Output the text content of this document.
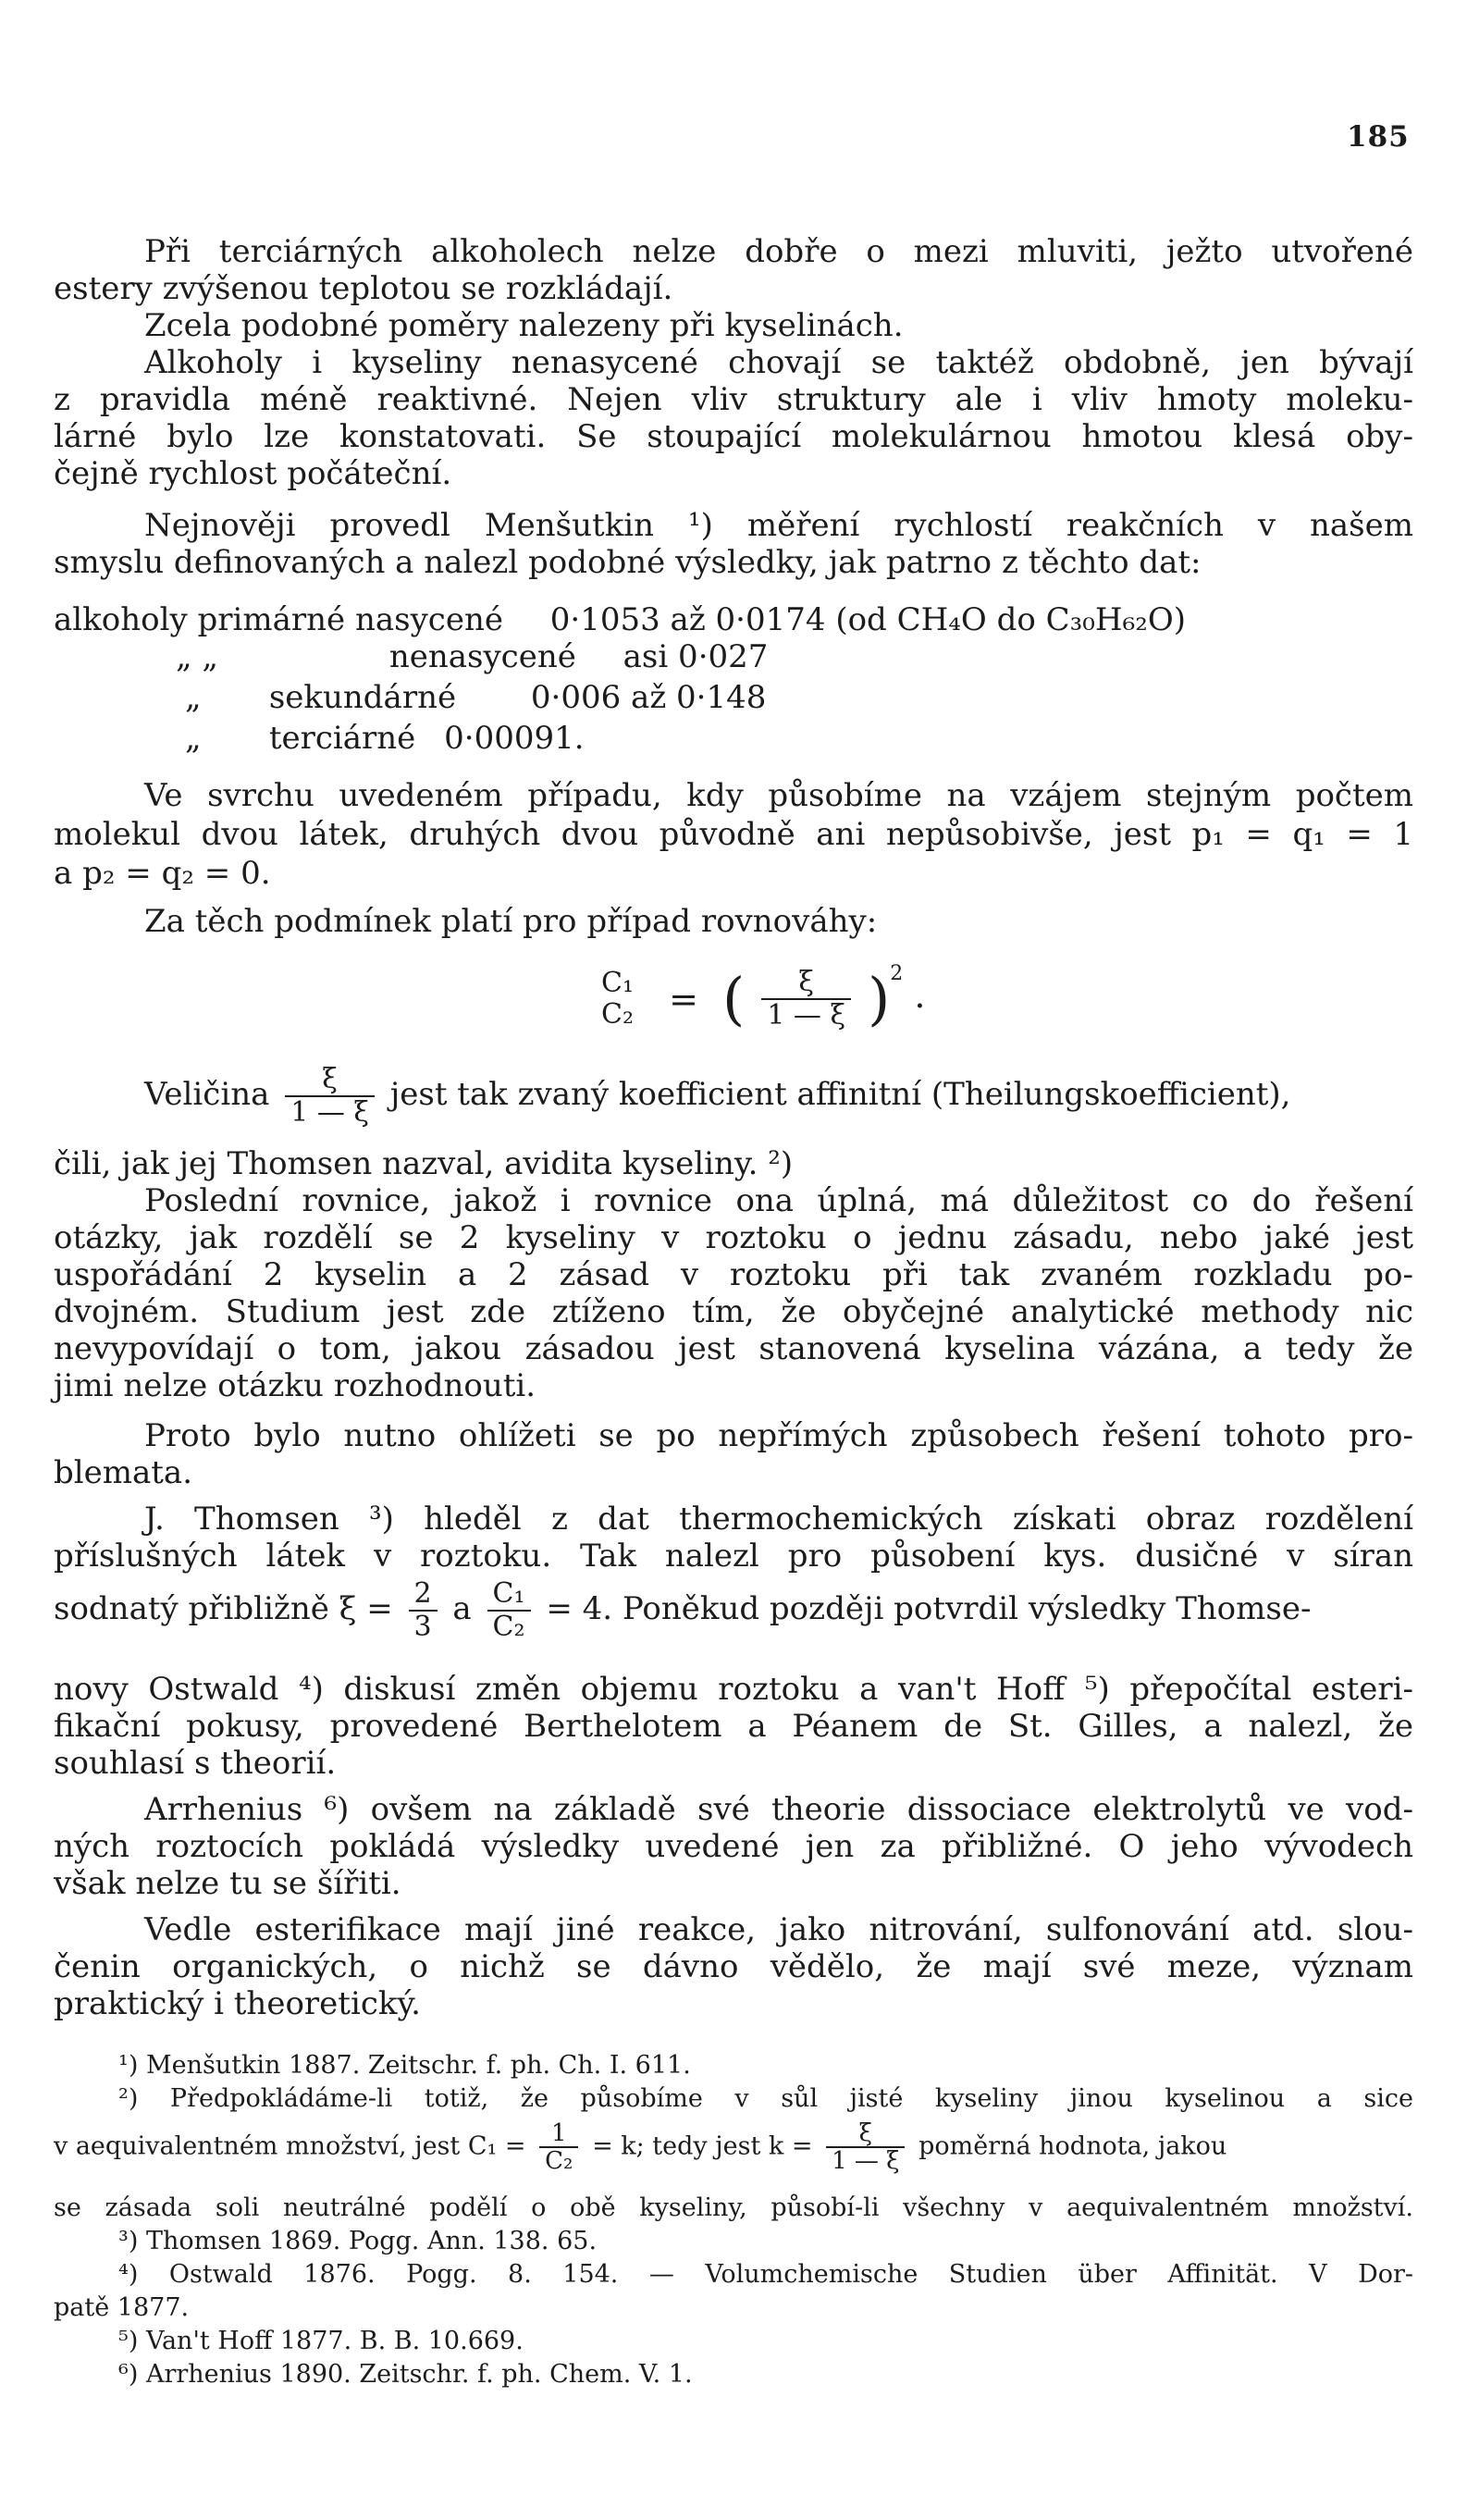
185
Při terciárných alkoholech nelze dobře o mezi mluviti, ježto utvořené
estery zvýšenou teplotou se rozkládají.
Zcela podobné poměry nalezeny při kyselinách.
Alkoholy i kyseliny nenasycené chovají se taktéž obdobně, jen bývají
z pravidla méně reaktivné. Nejen vliv struktury ale i vliv hmoty moleku-
lárné bylo lze konstatovati. Se stoupající molekulárnou hmotou klesá oby-
čejně rychlost počáteční.
Nejnověji provedl Menšutkin ¹) měření rychlostí reakčních v našem
smyslu definovaných a nalezl podobné výsledky, jak patrno z těchto dat:
alkoholy primárné nasycené 0·1053 až 0·0174 (od CH₄O do C₃₀H₆₂O)
„ „	nenasycené asi 0·027
„ sekundárné 0·006 až 0·148
„ terciárné 0·00091.
Ve svrchu uvedeném případu, kdy působíme na vzájem stejným počtem
molekul dvou látek, druhých dvou původně ani nepůsobivše, jest p₁ = q₁ = 1
a p₂ = q₂ = 0.
Za těch podmínek platí pro případ rovnováhy:
C₁
C₂ = ( $\frac{\xi}{1 — \xi} )^2$ .
Veličina $\frac{\xi}{1 — \xi}$ jest tak zvaný koefficient affinitní (Theilungskoefficient),
čili, jak jej Thomsen nazval, avidita kyseliny. ²)
Poslední rovnice, jakož i rovnice ona úplná, má důležitost co do řešení
otázky, jak rozdělí se 2 kyseliny v roztoku o jednu zásadu, nebo jaké jest
uspořádání 2 kyselin a 2 zásad v roztoku při tak zvaném rozkladu po-
dvojném. Studium jest zde ztíženo tím, že obyčejné analytické methody nic
nevypovídají o tom, jakou zásadou jest stanovená kyselina vázána, a tedy že
jimi nelze otázku rozhodnouti.
Proto bylo nutno ohlížeti se po nepřímých způsobech řešení tohoto pro-
blemata.
J. Thomsen ³) hleděl z dat thermochemických získati obraz rozdělení
příslušných látek v roztoku. Tak nalezl pro působení kys. dusičné v síran
sodnatý přibližně $\xi = \frac{2}{3}$ a $\frac{\text{C₁}}{\text{C₂}} = 4$. Poněkud později potvrdil výsledky Thomse-
novy Ostwald ⁴) diskusí změn objemu roztoku a van't Hoff ⁵) přepočítal esteri-
fikační pokusy, provedené Berthelotem a Péanem de St. Gilles, a nalezl, že
souhlasí s theorií.
Arrhenius ⁶) ovšem na základě své theorie dissociace elektrolytů ve vod-
ných roztocích pokládá výsledky uvedené jen za přibližné. O jeho vývodech
však nelze tu se šířiti.
Vedle esterifikace mají jiné reakce, jako nitrování, sulfonování atd. slou-
čenin organických, o nichž se dávno vědělo, že mají své meze, význam
praktický i theoretický.
¹) Menšutkin 1887. Zeitschr. f. ph. Ch. I. 611.
²) Předpokládáme-li totiž, že působíme v sůl jisté kyseliny jinou kyselinou a sice
v aequivalentném množství, jest $C_1 = \frac{1}{\text{C₂}} = k$; tedy jest $k = \frac{\xi}{1 — \xi}$ poměrná hodnota, jakou
se zásada soli neutrálné podělí o obě kyseliny, působí-li všechny v aequivalentném množství.
³) Thomsen 1869. Pogg. Ann. 138. 65.
⁴) Ostwald 1876. Pogg. 8. 154. — Volumchemische Studien über Affinität. V Dor-
patě 1877.
⁵) Van't Hoff 1877. B. B. 10.669.
⁶) Arrhenius 1890. Zeitschr. f. ph. Chem. V. 1.
